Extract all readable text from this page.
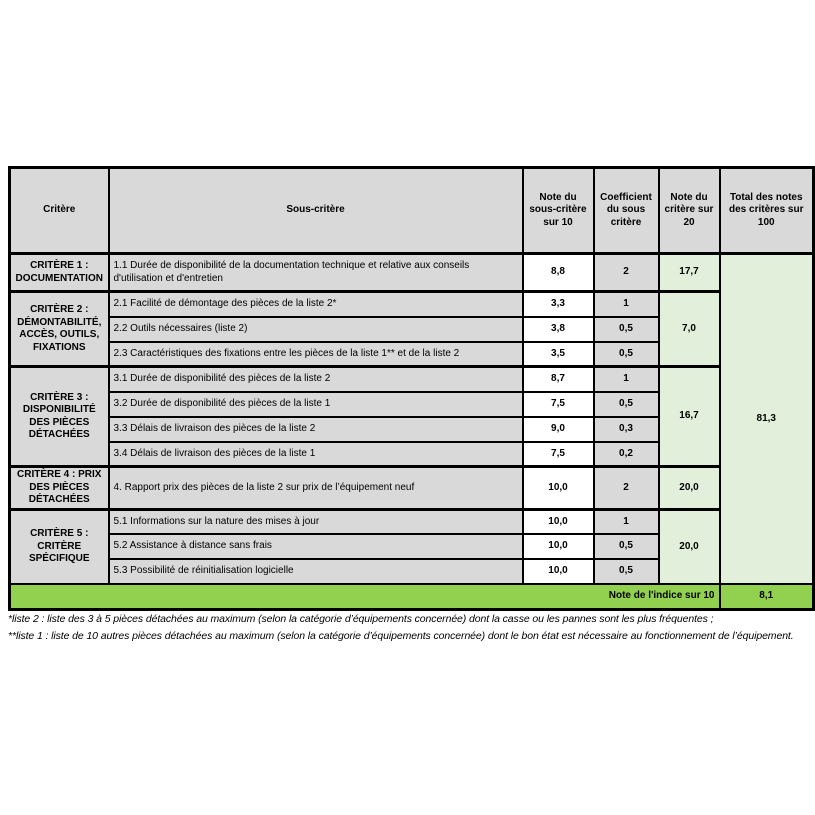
Critère	Sous-critère	Note du sous-critère sur 10	Coefficient du sous critère	Note du critère sur 20	Total des notes des critères sur 100
CRITÈRE 1 : DOCUMENTATION	1.1 Durée de disponibilité de la documentation technique et relative aux conseils d'utilisation et d'entretien	8,8	2	17,7	81,3
CRITÈRE 2 : DÉMONTABILITÉ, ACCÈS, OUTILS, FIXATIONS	2.1 Facilité de démontage des pièces de la liste 2*	3,3	1	7,0	
	2.2 Outils nécessaires (liste 2)	3,8	0,5		
	2.3 Caractéristiques des fixations entre les pièces de la liste 1** et de la liste 2	3,5	0,5		
CRITÈRE 3 : DISPONIBILITÉ DES PIÈCES DÉTACHÉES	3.1 Durée de disponibilité des pièces de la liste 2	8,7	1	16,7	
	3.2 Durée de disponibilité des pièces de la liste 1	7,5	0,5		
	3.3 Délais de livraison des pièces de la liste 2	9,0	0,3		
	3.4 Délais de livraison des pièces de la liste 1	7,5	0,2		
CRITÈRE 4 : PRIX DES PIÈCES DÉTACHÉES	4. Rapport prix des pièces de la liste 2 sur prix de l’équipement neuf	10,0	2	20,0	
CRITÈRE 5 : CRITÈRE SPÉCIFIQUE	5.1 Informations sur la nature des mises à jour	10,0	1	20,0	
	5.2 Assistance à distance sans frais	10,0	0,5		
	5.3 Possibilité de réinitialisation logicielle	10,0	0,5		
Note de l'indice sur 10					8,1

*liste 2 : liste des 3 à 5 pièces détachées au maximum (selon la catégorie d’équipements concernée) dont la casse ou les pannes sont les plus fréquentes ;

**liste 1 : liste de 10 autres pièces détachées au maximum (selon la catégorie d’équipements concernée) dont le bon état est nécessaire au fonctionnement de l’équipement.
